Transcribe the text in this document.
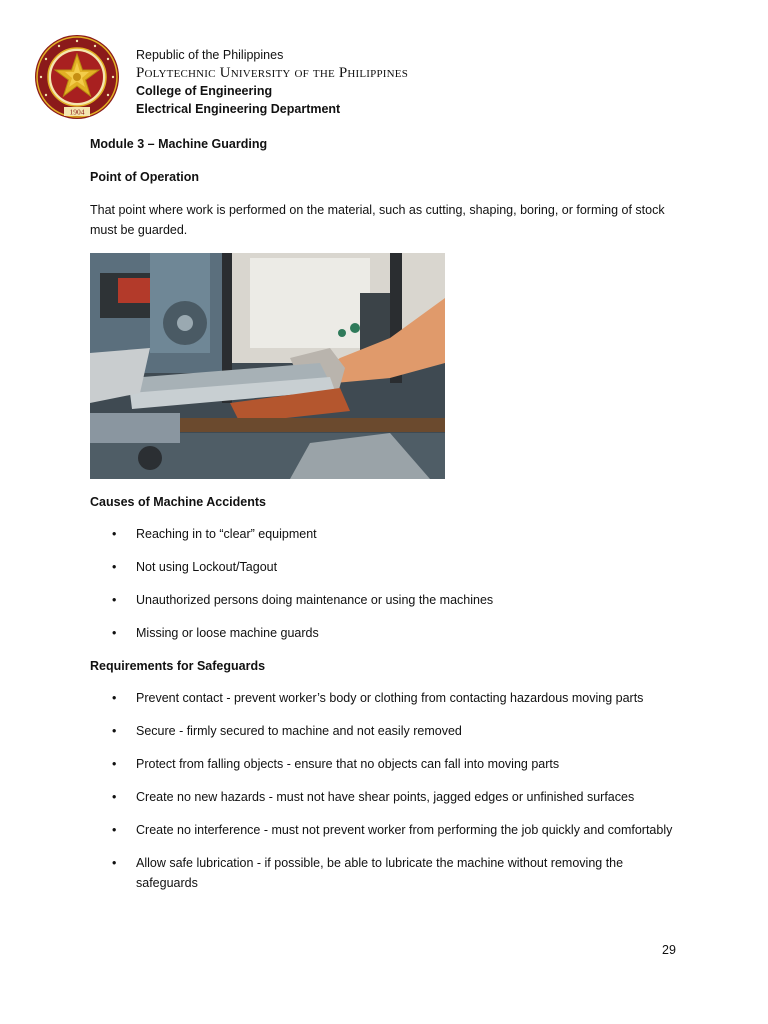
1904
Republic of the Philippines
Polytechnic University of the Philippines
College of Engineering
Electrical Engineering Department

Module 3 – Machine Guarding

Point of Operation

That point where work is performed on the material, such as cutting, shaping, boring, or forming of stock must be guarded.

Causes of Machine Accidents

• Reaching in to “clear” equipment
• Not using Lockout/Tagout
• Unauthorized persons doing maintenance or using the machines
• Missing or loose machine guards

Requirements for Safeguards

• Prevent contact - prevent worker’s body or clothing from contacting hazardous moving parts
• Secure - firmly secured to machine and not easily removed
• Protect from falling objects - ensure that no objects can fall into moving parts
• Create no new hazards - must not have shear points, jagged edges or unfinished surfaces
• Create no interference - must not prevent worker from performing the job quickly and comfortably
• Allow safe lubrication - if possible, be able to lubricate the machine without removing the safeguards
29
